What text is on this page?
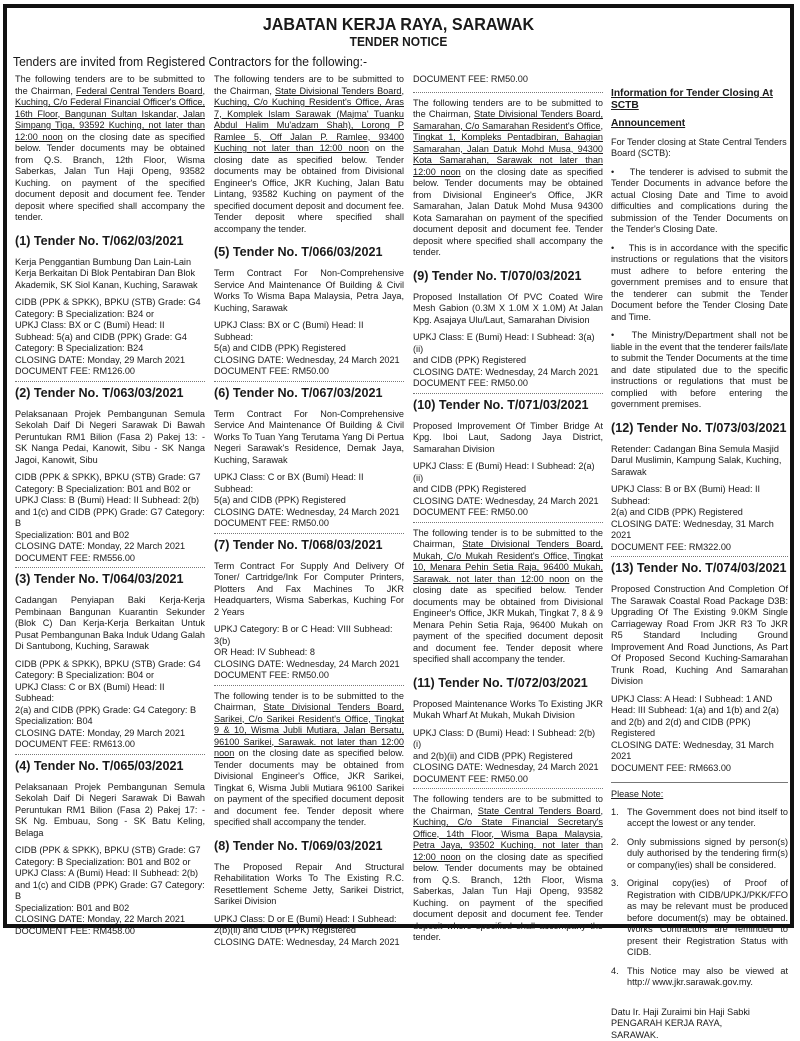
JABATAN KERJA RAYA, SARAWAK
TENDER NOTICE
Tenders are invited from Registered Contractors for the following:-

The following tenders are to be submitted to the Chairman, Federal Central Tenders Board, Kuching, C/o Federal Financial Officer's Office, 16th Floor, Bangunan Sultan Iskandar, Jalan Simpang Tiga, 93592 Kuching, not later than 12:00 noon on the closing date as specified below. Tender documents may be obtained from Q.S. Branch, 12th Floor, Wisma Saberkas, Jalan Tun Haji Openg, 93582 Kuching. on payment of the specified document deposit and document fee. Tender deposit where specified shall accompany the tender.

(1) Tender No. T/062/03/2021

Kerja Penggantian Bumbung Dan Lain-Lain Kerja Berkaitan Di Blok Pentabiran Dan Blok Akademik, SK Siol Kanan, Kuching, Sarawak

CIDB (PPK & SPKK), BPKU (STB) Grade: G4
Category: B Specialization: B24 or
UPKJ Class: BX or C (Bumi) Head: II
Subhead: 5(a) and CIDB (PPK) Grade: G4
Category: B Specialization: B24

CLOSING DATE: Monday, 29 March 2021

DOCUMENT FEE: RM126.00

(2) Tender No. T/063/03/2021

Pelaksanaan Projek Pembangunan Semula Sekolah Daif Di Negeri Sarawak Di Bawah Peruntukan RM1 Bilion (Fasa 2) Pakej 13: - SK Nanga Pedai, Kanowit, Sibu - SK Nanga Jagoi, Kanowit, Sibu

CIDB (PPK & SPKK), BPKU (STB) Grade: G7
Category: B Specialization: B01 and B02 or
UPKJ Class: B (Bumi) Head: II Subhead: 2(b)
and 1(c) and CIDB (PPK) Grade: G7 Category: B
Specialization: B01 and B02

CLOSING DATE: Monday, 22 March 2021

DOCUMENT FEE: RM556.00

(3) Tender No. T/064/03/2021

Cadangan Penyiapan Baki Kerja-Kerja Pembinaan Bangunan Kuarantin Sekunder (Blok C) Dan Kerja-Kerja Berkaitan Untuk Pusat Pembangunan Baka Induk Udang Galah Di Santubong, Kuching, Sarawak

CIDB (PPK & SPKK), BPKU (STB) Grade: G4
Category: B Specialization: B04 or
UPKJ Class: C or BX (Bumi) Head: II Subhead:
2(a) and CIDB (PPK) Grade: G4 Category: B
Specialization: B04

CLOSING DATE: Monday, 29 March 2021

DOCUMENT FEE: RM613.00

(4) Tender No. T/065/03/2021

Pelaksanaan Projek Pembangunan Semula Sekolah Daif Di Negeri Sarawak Di Bawah Peruntukan RM1 Bilion (Fasa 2) Pakej 17: - SK Ng. Embuau, Song - SK Batu Keling, Belaga

CIDB (PPK & SPKK), BPKU (STB) Grade: G7
Category: B Specialization: B01 and B02 or
UPKJ Class: A (Bumi) Head: II Subhead: 2(b)
and 1(c) and CIDB (PPK) Grade: G7 Category: B
Specialization: B01 and B02

CLOSING DATE: Monday, 22 March 2021

DOCUMENT FEE: RM458.00

The following tenders are to be submitted to the Chairman, State Divisional Tenders Board, Kuching, C/o Kuching Resident's Office, Aras 7, Komplek Islam Sarawak (Majma' Tuanku Abdul Halim Mu'adzam Shah), Lorong P Ramlee 5, Off Jalan P. Ramlee, 93400 Kuching not later than 12:00 noon on the closing date as specified below. Tender documents may be obtained from Divisional Engineer's Office, JKR Kuching, Jalan Batu Lintang, 93582 Kuching on payment of the specified document deposit and document fee. Tender deposit where specified shall accompany the tender.

(5) Tender No. T/066/03/2021

Term Contract For Non-Comprehensive Service And Maintenance Of Building & Civil Works To Wisma Bapa Malaysia, Petra Jaya, Kuching, Sarawak

UPKJ Class: BX or C (Bumi) Head: II Subhead:
5(a) and CIDB (PPK) Registered

CLOSING DATE: Wednesday, 24 March 2021

DOCUMENT FEE: RM50.00

(6) Tender No. T/067/03/2021

Term Contract For Non-Comprehensive Service And Maintenance Of Building & Civil Works To Tuan Yang Terutama Yang Di Pertua Negeri Sarawak's Residence, Demak Jaya, Kuching, Sarawak

UPKJ Class: C or BX (Bumi) Head: II Subhead:
5(a) and CIDB (PPK) Registered

CLOSING DATE: Wednesday, 24 March 2021

DOCUMENT FEE: RM50.00

(7) Tender No. T/068/03/2021

Term Contract For Supply And Delivery Of Toner/ Cartridge/Ink For Computer Printers, Plotters And Fax Machines To JKR Headquarters, Wisma Saberkas, Kuching For 2 Years

UPKJ Category: B or C Head: VIII Subhead: 3(b)
OR Head: IV Subhead: 8

CLOSING DATE: Wednesday, 24 March 2021

DOCUMENT FEE: RM50.00

The following tender is to be submitted to the Chairman, State Divisional Tenders Board, Sarikei, C/o Sarikei Resident's Office, Tingkat 9 & 10, Wisma Jubli Mutiara, Jalan Bersatu, 96100 Sarikei, Sarawak. not later than 12:00 noon on the closing date as specified below. Tender documents may be obtained from Divisional Engineer's Office, JKR Sarikei, Tingkat 6, Wisma Jubli Mutiara 96100 Sarikei on payment of the specified document deposit and document fee. Tender deposit where specified shall accompany the tender.

(8) Tender No. T/069/03/2021

The Proposed Repair And Structural Rehabilitation Works To The Existing R.C. Resettlement Scheme Jetty, Sarikei District, Sarikei Division

UPKJ Class: D or E (Bumi) Head: I Subhead:
2(b)(ii) and CIDB (PPK) Registered

CLOSING DATE: Wednesday, 24 March 2021

DOCUMENT FEE: RM50.00

The following tenders are to be submitted to the Chairman, State Divisional Tenders Board, Samarahan, C/o Samarahan Resident's Office, Tingkat 1, Kompleks Pentadbiran, Bahagian Samarahan, Jalan Datuk Mohd Musa, 94300 Kota Samarahan, Sarawak not later than 12:00 noon on the closing date as specified below. Tender documents may be obtained from Divisional Engineer's Office, JKR Samarahan, Jalan Datuk Mohd Musa 94300 Kota Samarahan on payment of the specified document deposit and document fee. Tender deposit where specified shall accompany the tender.

(9) Tender No. T/070/03/2021

Proposed Installation Of PVC Coated Wire Mesh Gabion (0.3M X 1.0M X 1.0M) At Jalan Kpg. Asajaya Ulu/Laut, Samarahan Division

UPKJ Class: E (Bumi) Head: I Subhead: 3(a)(ii)
and CIDB (PPK) Registered

CLOSING DATE: Wednesday, 24 March 2021

DOCUMENT FEE: RM50.00

(10) Tender No. T/071/03/2021

Proposed Improvement Of Timber Bridge At Kpg. Iboi Laut, Sadong Jaya District, Samarahan Division

UPKJ Class: E (Bumi) Head: I Subhead: 2(a)(ii)
and CIDB (PPK) Registered

CLOSING DATE: Wednesday, 24 March 2021

DOCUMENT FEE: RM50.00

The following tender is to be submitted to the Chairman, State Divisional Tenders Board, Mukah, C/o Mukah Resident's Office, Tingkat 10, Menara Pehin Setia Raja, 96400 Mukah, Sarawak. not later than 12:00 noon on the closing date as specified below. Tender documents may be obtained from Divisional Engineer's Office, JKR Mukah, Tingkat 7, 8 & 9 Menara Pehin Setia Raja, 96400 Mukah on payment of the specified document deposit and document fee. Tender deposit where specified shall accompany the tender.

(11) Tender No. T/072/03/2021

Proposed Maintenance Works To Existing JKR Mukah Wharf At Mukah, Mukah Division

UPKJ Class: D (Bumi) Head: I Subhead: 2(b)(i)
and 2(b)(ii) and CIDB (PPK) Registered

CLOSING DATE: Wednesday, 24 March 2021

DOCUMENT FEE: RM50.00

The following tenders are to be submitted to the Chairman, State Central Tenders Board, Kuching, C/o State Financial Secretary's Office, 14th Floor, Wisma Bapa Malaysia, Petra Jaya, 93502 Kuching. not later than 12:00 noon on the closing date as specified below. Tender documents may be obtained from Q.S. Branch, 12th Floor, Wisma Saberkas, Jalan Tun Haji Openg, 93582 Kuching. on payment of the specified document deposit and document fee. Tender deposit where specified shall accompany the tender.

Information for Tender Closing At SCTB
Announcement

For Tender closing at State Central Tenders Board (SCTB):

• The tenderer is advised to submit the Tender Documents in advance before the actual Closing Date and Time to avoid difficulties and complications during the submission of the Tender Documents on the Tender's Closing Date.

• This is in accordance with the specific instructions or regulations that the visitors must adhere to before entering the government premises and to ensure that the tenderer can submit the Tender Document before the Tender Closing Date and Time.

• The Ministry/Department shall not be liable in the event that the tenderer fails/late to submit the Tender Documents at the time and date stipulated due to the specific instructions or regulations that must be complied with before entering the government premises.

(12) Tender No. T/073/03/2021

Retender: Cadangan Bina Semula Masjid Darul Muslimin, Kampung Salak, Kuching, Sarawak

UPKJ Class: B or BX (Bumi) Head: II Subhead:
2(a) and CIDB (PPK) Registered

CLOSING DATE: Wednesday, 31 March 2021

DOCUMENT FEE: RM322.00

(13) Tender No. T/074/03/2021

Proposed Construction And Completion Of The Sarawak Coastal Road Package D3B: Upgrading Of The Existing 9.0KM Single Carriageway Road From JKR R3 To JKR R5 Standard Including Ground Improvement And Road Junctions, As Part Of Proposed Second Kuching-Samarahan Trunk Road, Kuching And Samarahan Division

UPKJ Class: A Head: I Subhead: 1 AND Head: III Subhead: 1(a) and 1(b) and 2(a) and 2(b) and 2(d) and CIDB (PPK) Registered

CLOSING DATE: Wednesday, 31 March 2021

DOCUMENT FEE: RM663.00

Please Note:
1. The Government does not bind itself to accept the lowest or any tender.
2. Only submissions signed by person(s) duly authorised by the tendering firm(s) or company(ies) shall be considered.
3. Original copy(ies) of Proof of Registration with CIDB/UPKJ/PKK/FFO as may be relevant must be produced before document(s) may be obtained. Works Contractors are reminded to present their Registration Status with CIDB.
4. This Notice may also be viewed at http:// www.jkr.sarawak.gov.my.

Datu Ir. Haji Zuraimi bin Haji Sabki

PENGARAH KERJA RAYA,

SARAWAK.
